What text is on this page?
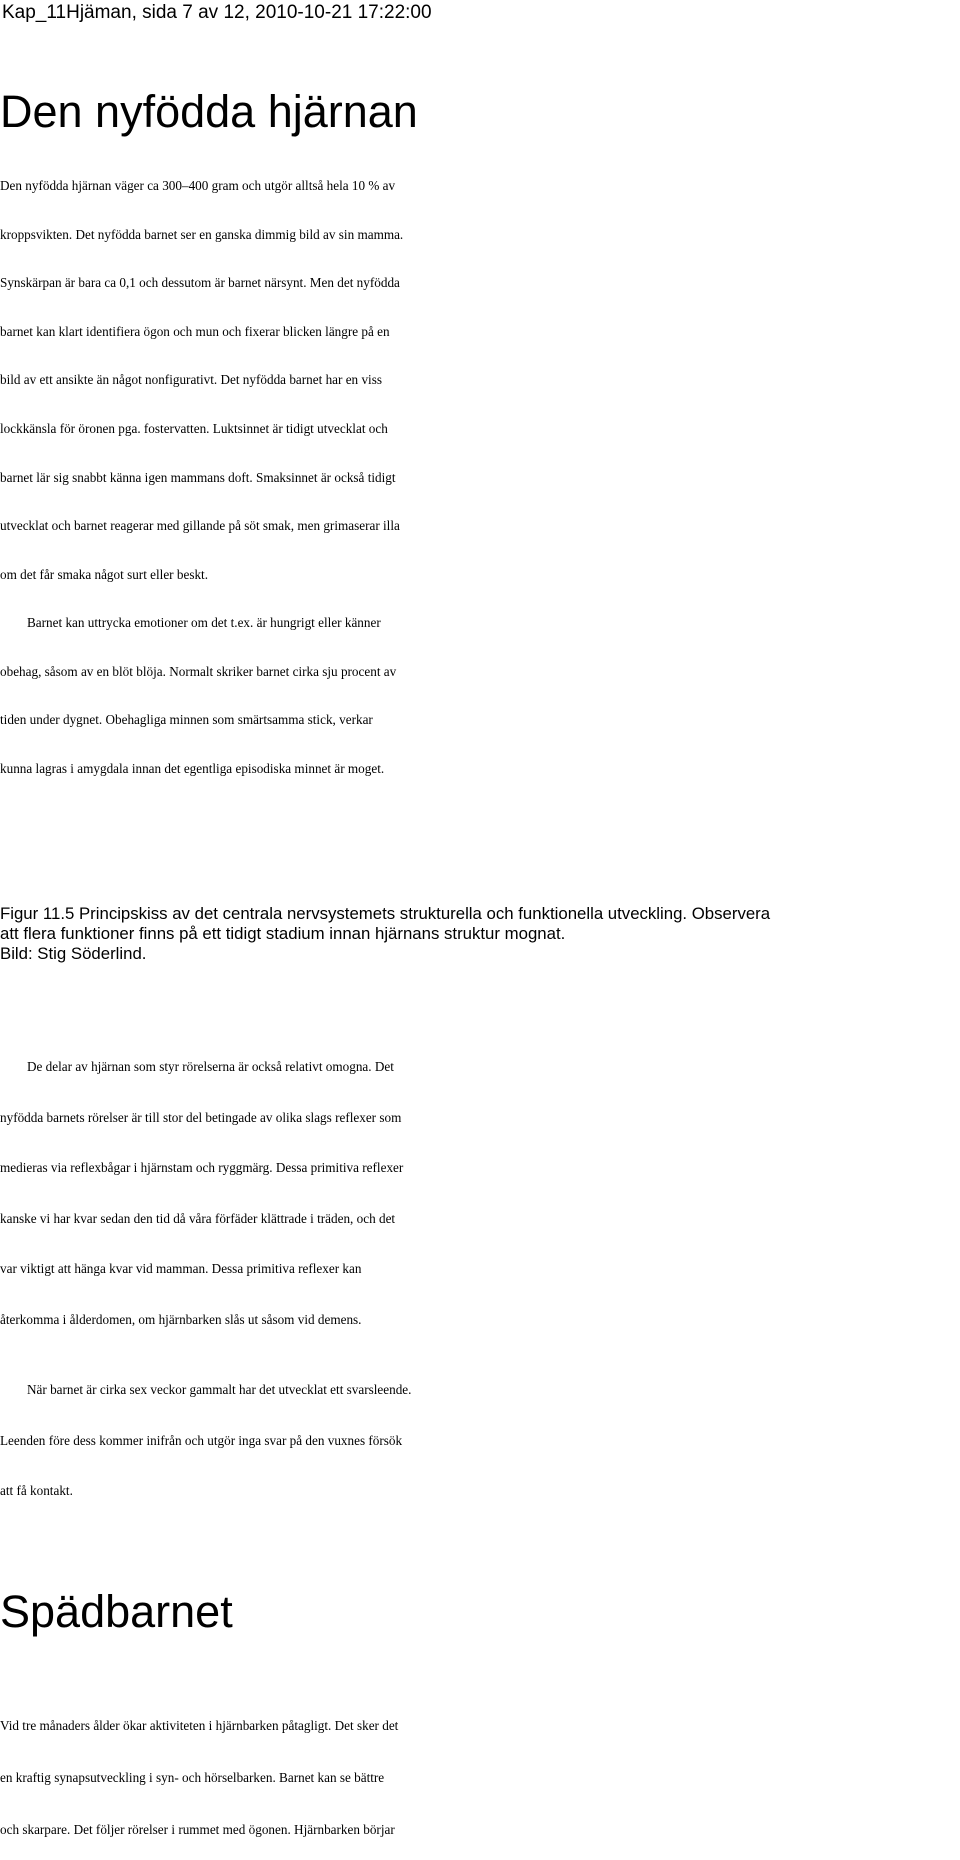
Kap_11Hjäman, sida 7 av 12, 2010-10-21 17:22:00
Den nyfödda hjärnan
Den nyfödda hjärnan väger ca 300–400 gram och utgör alltså hela 10 % av
kroppsvikten. Det nyfödda barnet ser en ganska dimmig bild av sin mamma.
Synskärpan är bara ca 0,1 och dessutom är barnet närsynt. Men det nyfödda
barnet kan klart identifiera ögon och mun och fixerar blicken längre på en
bild av ett ansikte än något nonfigurativt. Det nyfödda barnet har en viss
lockkänsla för öronen pga. fostervatten. Luktsinnet är tidigt utvecklat och
barnet lär sig snabbt känna igen mammans doft. Smaksinnet är också tidigt
utvecklat och barnet reagerar med gillande på söt smak, men grimaserar illa
om det får smaka något surt eller beskt.
Barnet kan uttrycka emotioner om det t.ex. är hungrigt eller känner
obehag, såsom av en blöt blöja. Normalt skriker barnet cirka sju procent av
tiden under dygnet. Obehagliga minnen som smärtsamma stick, verkar
kunna lagras i amygdala innan det egentliga episodiska minnet är moget.
Figur 11.5 Principskiss av det centrala nervsystemets strukturella och funktionella utveckling. Observera
att flera funktioner finns på ett tidigt stadium innan hjärnans struktur mognat.
Bild: Stig Söderlind.
De delar av hjärnan som styr rörelserna är också relativt omogna. Det
nyfödda barnets rörelser är till stor del betingade av olika slags reflexer som
medieras via reflexbågar i hjärnstam och ryggmärg. Dessa primitiva reflexer
kanske vi har kvar sedan den tid då våra förfäder klättrade i träden, och det
var viktigt att hänga kvar vid mamman. Dessa primitiva reflexer kan
återkomma i ålderdomen, om hjärnbarken slås ut såsom vid demens.
När barnet är cirka sex veckor gammalt har det utvecklat ett svarsleende.
Leenden före dess kommer inifrån och utgör inga svar på den vuxnes försök
att få kontakt.
Spädbarnet
Vid tre månaders ålder ökar aktiviteten i hjärnbarken påtagligt. Det sker det
en kraftig synapsutveckling i syn- och hörselbarken. Barnet kan se bättre
och skarpare. Det följer rörelser i rummet med ögonen. Hjärnbarken börjar
